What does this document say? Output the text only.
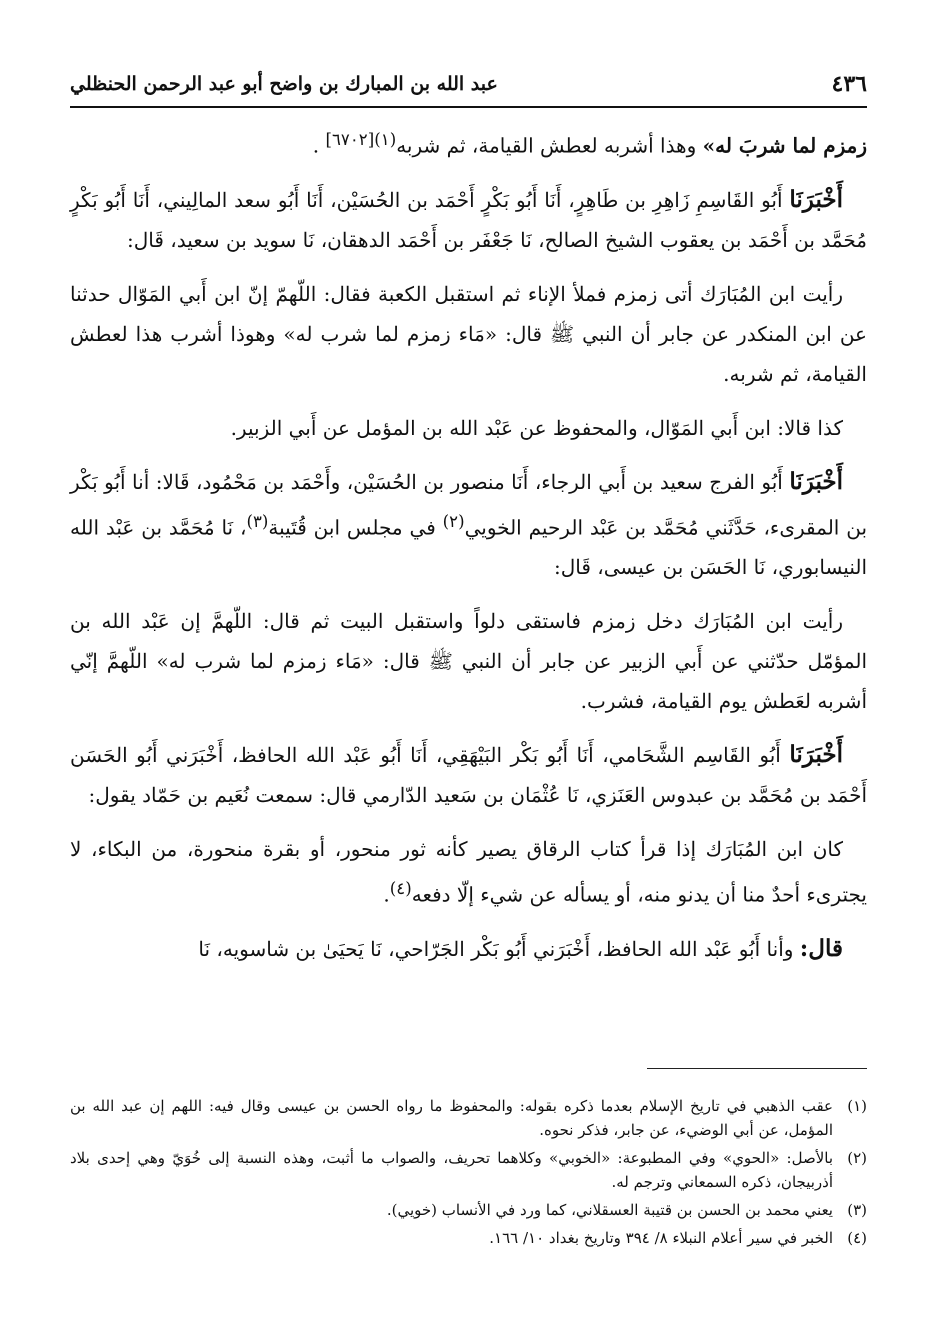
٤٣٦
عبد الله بن المبارك بن واضح أبو عبد الرحمن الحنظلي

زمزم لما شربَ له» وهذا أشربه لعطش القيامة، ثم شربه$^{(١)[٦٧٠٢]}$ .

أَخْبَرَنَا أَبُو القَاسِمِ زَاهِرِ بن طَاهِرٍ، أَنَا أَبُو بَكْرٍ أَحْمَد بن الحُسَيْن، أَنَا أَبُو سعد المالِيني، أَنَا أَبُو بَكْرٍ مُحَمَّد بن أَحْمَد بن يعقوب الشيخ الصالح، نَا جَعْفَر بن أَحْمَد الدهقان، نَا سويد بن سعيد، قَال:

رأيت ابن المُبَارَك أتى زمزم فملأ الإناء ثم استقبل الكعبة فقال: اللّهمّ إنّ ابن أَبي المَوّال حدثنا عن ابن المنكدر عن جابر أن النبي ﷺ قال: «مَاء زمزم لما شرب له» وهوذا أشرب هذا لعطش القيامة، ثم شربه.

كذا قالا: ابن أَبي المَوّال، والمحفوظ عن عَبْد الله بن المؤمل عن أَبي الزبير.

أَخْبَرَنَا أَبُو الفرج سعيد بن أَبي الرجاء، أَنَا منصور بن الحُسَيْن، وأَحْمَد بن مَحْمُود، قَالا: أنا أَبُو بَكْر بن المقرىء، حَدَّثَني مُحَمَّد بن عَبْد الرحيم الخويي$^{(٢)}$ في مجلس ابن قُتَيبة$^{(٣)}$، نَا مُحَمَّد بن عَبْد الله النيسابوري، نَا الحَسَن بن عيسى، قَال:

رأيت ابن المُبَارَك دخل زمزم فاستقى دلواً واستقبل البيت ثم قال: اللّهمَّ إن عَبْد الله بن المؤمّل حدّثني عن أَبي الزبير عن جابر أن النبي ﷺ قال: «مَاء زمزم لما شرب له» اللّهمَّ إنّي أشربه لعَطش يوم القيامة، فشرب.

أَخْبَرَنَا أَبُو القَاسِم الشَّحَامي، أَنَا أَبُو بَكْر البَيْهَقِي، أَنَا أَبُو عَبْد الله الحافظ، أَخْبَرَني أَبُو الحَسَن أَحْمَد بن مُحَمَّد بن عبدوس العَنَزي، نَا عُثْمَان بن سَعيد الدّارمي قال: سمعت نُعَيم بن حَمّاد يقول:

كان ابن المُبَارَك إذا قرأ كتاب الرقاق يصير كأنه ثور منحور، أو بقرة منحورة، من البكاء، لا يجترىء أحدٌ منا أن يدنو منه، أو يسأله عن شيء إلّا دفعه$^{(٤)}$.

قال: وأنا أَبُو عَبْد الله الحافظ، أَخْبَرَني أَبُو بَكْر الجَرّاحي، نَا يَحيَىٰ بن شاسويه، نَا

(١)
عقب الذهبي في تاريخ الإسلام بعدما ذكره بقوله: والمحفوظ ما رواه الحسن بن عيسى وقال فيه: اللهم إن عبد الله بن المؤمل، عن أبي الوضيء، عن جابر، فذكر نحوه.
(٢)
بالأصل: «الحوي» وفي المطبوعة: «الخوبي» وكلاهما تحريف، والصواب ما أثبت، وهذه النسبة إلى خُوَيّ وهي إحدى بلاد أذربيجان، ذكره السمعاني وترجم له.
(٣)
يعني محمد بن الحسن بن قتيبة العسقلاني، كما ورد في الأنساب (خويي).
(٤)
الخبر في سير أعلام النبلاء ٨/ ٣٩٤ وتاريخ بغداد ١٠/ ١٦٦.
